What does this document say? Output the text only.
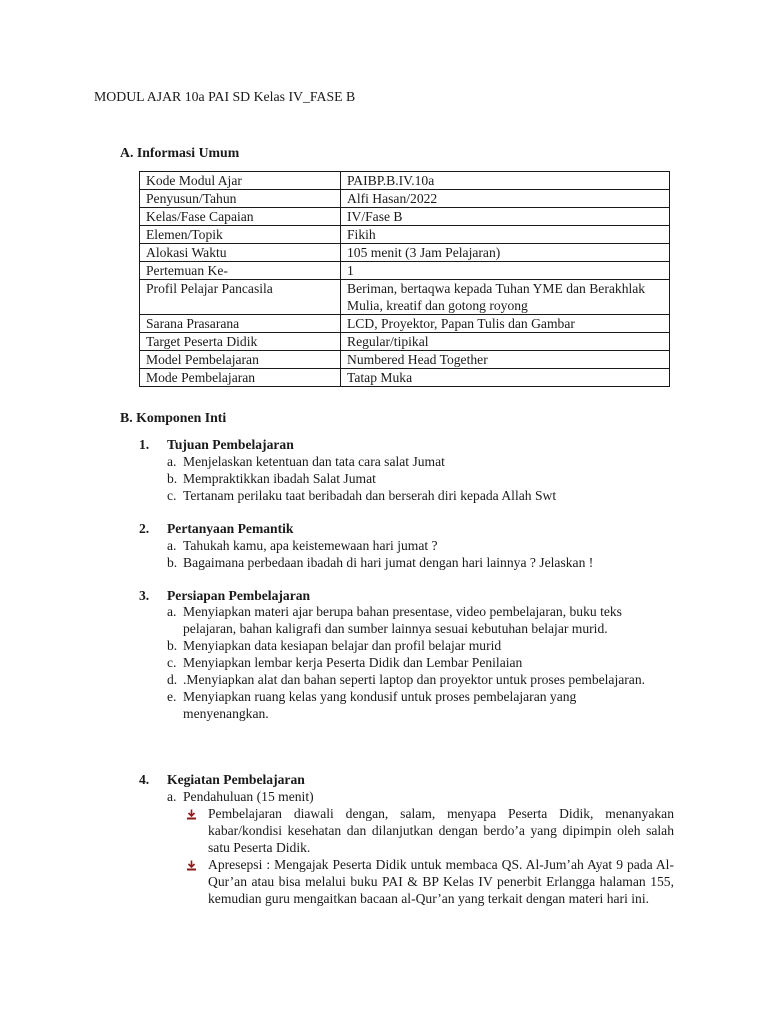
MODUL AJAR 10a PAI SD Kelas IV_FASE B
A. Informasi Umum
Kode Modul Ajar	PAIBP.B.IV.10a
Penyusun/Tahun	Alfi Hasan/2022
Kelas/Fase Capaian	IV/Fase B
Elemen/Topik	Fikih
Alokasi Waktu	105 menit (3 Jam Pelajaran)
Pertemuan Ke-	1
Profil Pelajar Pancasila	Beriman, bertaqwa kepada Tuhan YME dan Berakhlak Mulia, kreatif dan gotong royong
Sarana Prasarana	LCD, Proyektor, Papan Tulis dan Gambar
Target Peserta Didik	Regular/tipikal
Model Pembelajaran	Numbered Head Together
Mode Pembelajaran	Tatap Muka
B. Komponen Inti
1. Tujuan Pembelajaran
a. Menjelaskan ketentuan dan tata cara salat Jumat
b. Mempraktikkan ibadah Salat Jumat
c. Tertanam perilaku taat beribadah dan berserah diri kepada Allah Swt
2. Pertanyaan Pemantik
a. Tahukah kamu, apa keistemewaan hari jumat ?
b. Bagaimana perbedaan ibadah di hari jumat dengan hari lainnya ? Jelaskan !
3. Persiapan Pembelajaran
a. Menyiapkan materi ajar berupa bahan presentase, video pembelajaran, buku teks pelajaran, bahan kaligrafi dan sumber lainnya sesuai kebutuhan belajar murid.
b. Menyiapkan data kesiapan belajar dan profil belajar murid
c. Menyiapkan lembar kerja Peserta Didik dan Lembar Penilaian
d. .Menyiapkan alat dan bahan seperti laptop dan proyektor untuk proses pembelajaran.
e. Menyiapkan ruang kelas yang kondusif untuk proses pembelajaran yang menyenangkan.
4. Kegiatan Pembelajaran
a. Pendahuluan (15 menit)
Pembelajaran diawali dengan, salam, menyapa Peserta Didik, menanyakan kabar/kondisi kesehatan dan dilanjutkan dengan berdo’a yang dipimpin oleh salah satu Peserta Didik.
Apresepsi : Mengajak Peserta Didik untuk membaca QS. Al-Jum’ah Ayat 9 pada Al-Qur’an atau bisa melalui buku PAI & BP Kelas IV penerbit Erlangga halaman 155, kemudian guru mengaitkan bacaan al-Qur’an yang terkait dengan materi hari ini.
